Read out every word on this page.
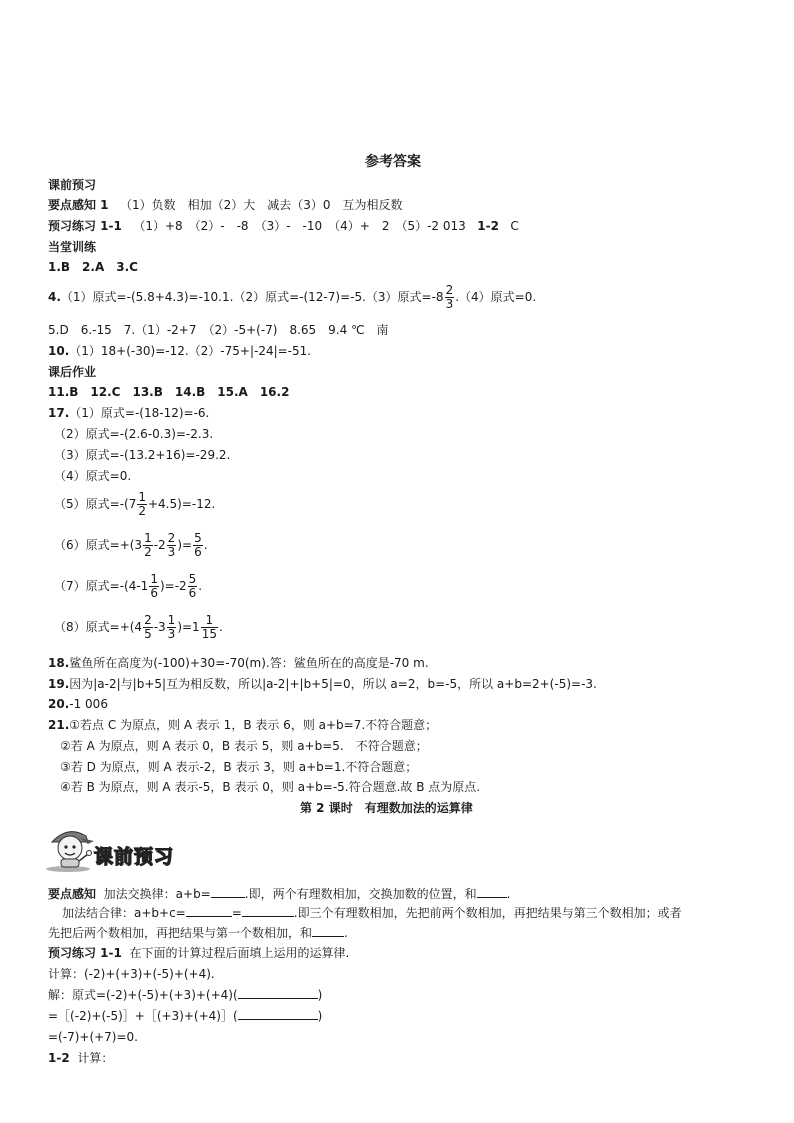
参考答案
课前预习
要点感知 1 （1）负数　相加（2）大　减去（3）0　互为相反数
预习练习 1-1 （1）+8　（2）-　-8　（3）-　-10　（4）+　2　（5）-2 013 1-2 C
当堂训练
1.B　2.A　3.C
4.（1）原式=-(5.8+4.3)=-10.1.（2）原式=-(12-7)=-5.（3）原式$=-8 \frac{2}{3} .(4)$原式=0.
5.D　6.-15　7.（1）-2+7　（2）-5+(-7)　8.65　9.4 ℃　南
10.（1）18+(-30)=-12.（2）-75+|-24|=-51.
课后作业
11.B　12.C　13.B　14.B　15.A　16.2
17.（1）原式=-(18-12)=-6.
（2）原式=-(2.6-0.3)=-2.3.
（3）原式=-(13.2+16)=-29.2.
（4）原式=0.
（5）原式$=-(7 \frac{1}{2} +4.5)=-12$.
（6）原式$=+(3 \frac{1}{2} -2 \frac{2}{3}$ )= $\frac{5}{6}$ .
（7）原式$=-(4-1 \frac{1}{6} )=-2 \frac{5}{6}$ .
（8）原式$=+(4 \frac{2}{5} -3 \frac{1}{3} )=1 \frac{1}{15}$ .
18.鲨鱼所在高度为(-100)+30=-70(m).答：鲨鱼所在的高度是-70 m.
19.因为|a-2|与|b+5|互为相反数，所以|a-2|+|b+5|=0，所以 a=2，b=-5，所以 a+b=2+(-5)=-3.
20.-1 006
21.①若点 C 为原点，则 A 表示 1，B 表示 6，则 a+b=7.不符合题意；
②若 A 为原点，则 A 表示 0，B 表示 5，则 a+b=5.　不符合题意；
③若 D 为原点，则 A 表示-2，B 表示 3，则 a+b=1.不符合题意；
④若 B 为原点，则 A 表示-5，B 表示 0，则 a+b=-5.符合题意.故 B 点为原点.
第 2 课时　有理数加法的运算律
课前预习
要点感知 加法交换律：a+b=	.即，两个有理数相加，交换加数的位置，和	.
加法结合律：a+b+c=	=	.即三个有理数相加，先把前两个数相加，再把结果与第三个数相加；或者
先把后两个数相加，再把结果与第一个数相加，和	.
预习练习 1-1 在下面的计算过程后面填上运用的运算律.
计算：(-2)+(+3)+(-5)+(+4).
解：原式=(-2)+(-5)+(+3)+(+4)(	)
=［(-2)+(-5)］+［(+3)+(+4)］(	)
=(-7)+(+7)=0.
1-2 计算：
